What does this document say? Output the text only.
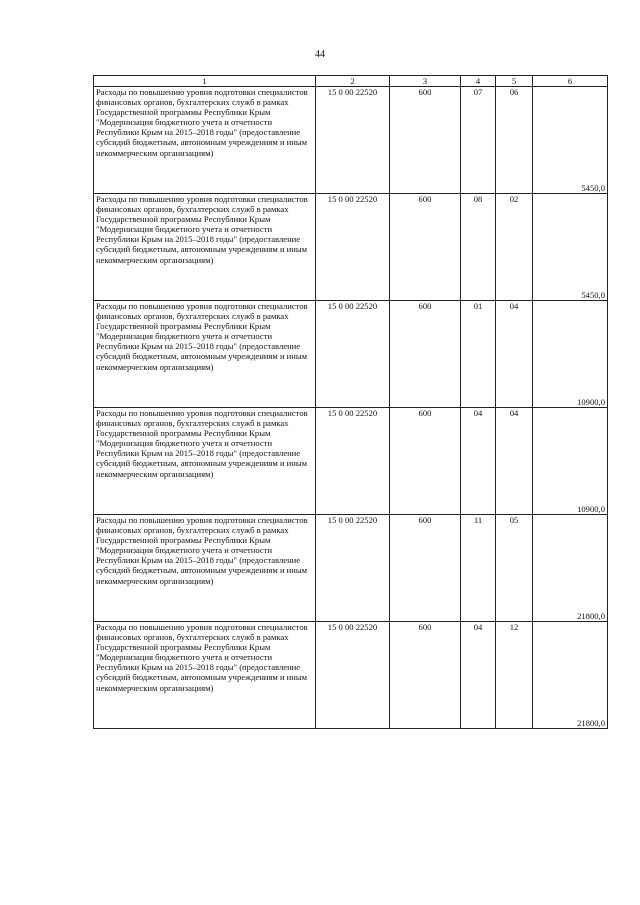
44
1	2	3	4	5	6
Расходы по повышению уровня подготовки специалистов финансовых органов, бухгалтерских служб в рамках Государственной программы Республики Крым "Модернизация бюджетного учета и отчетности Республики Крым на 2015–2018 годы" (предоставление субсидий бюджетным, автономным учреждениям и иным некоммерческим организациям)	15 0 00 22520	600	07	06	5450,0
Расходы по повышению уровня подготовки специалистов финансовых органов, бухгалтерских служб в рамках Государственной программы Республики Крым "Модернизация бюджетного учета и отчетности Республики Крым на 2015–2018 годы" (предоставление субсидий бюджетным, автономным учреждениям и иным некоммерческим организациям)	15 0 00 22520	600	08	02	5450,0
Расходы по повышению уровня подготовки специалистов финансовых органов, бухгалтерских служб в рамках Государственной программы Республики Крым "Модернизация бюджетного учета и отчетности Республики Крым на 2015–2018 годы" (предоставление субсидий бюджетным, автономным учреждениям и иным некоммерческим организациям)	15 0 00 22520	600	01	04	10900,0
Расходы по повышению уровня подготовки специалистов финансовых органов, бухгалтерских служб в рамках Государственной программы Республики Крым "Модернизация бюджетного учета и отчетности Республики Крым на 2015–2018 годы" (предоставление субсидий бюджетным, автономным учреждениям и иным некоммерческим организациям)	15 0 00 22520	600	04	04	10900,0
Расходы по повышению уровня подготовки специалистов финансовых органов, бухгалтерских служб в рамках Государственной программы Республики Крым "Модернизация бюджетного учета и отчетности Республики Крым на 2015–2018 годы" (предоставление субсидий бюджетным, автономным учреждениям и иным некоммерческим организациям)	15 0 00 22520	600	11	05	21800,0
Расходы по повышению уровня подготовки специалистов финансовых органов, бухгалтерских служб в рамках Государственной программы Республики Крым "Модернизация бюджетного учета и отчетности Республики Крым на 2015–2018 годы" (предоставление субсидий бюджетным, автономным учреждениям и иным некоммерческим организациям)	15 0 00 22520	600	04	12	21800,0
